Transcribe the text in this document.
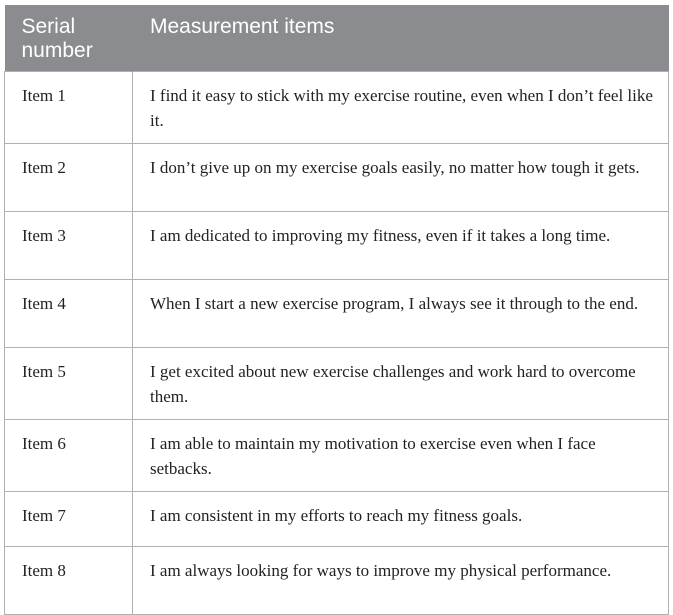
Serial number	Measurement items
Item 1	I find it easy to stick with my exercise routine, even when I don’t feel like it.
Item 2	I don’t give up on my exercise goals easily, no matter how tough it gets.
Item 3	I am dedicated to improving my fitness, even if it takes a long time.
Item 4	When I start a new exercise program, I always see it through to the end.
Item 5	I get excited about new exercise challenges and work hard to overcome them.
Item 6	I am able to maintain my motivation to exercise even when I face setbacks.
Item 7	I am consistent in my efforts to reach my fitness goals.
Item 8	I am always looking for ways to improve my physical performance.
